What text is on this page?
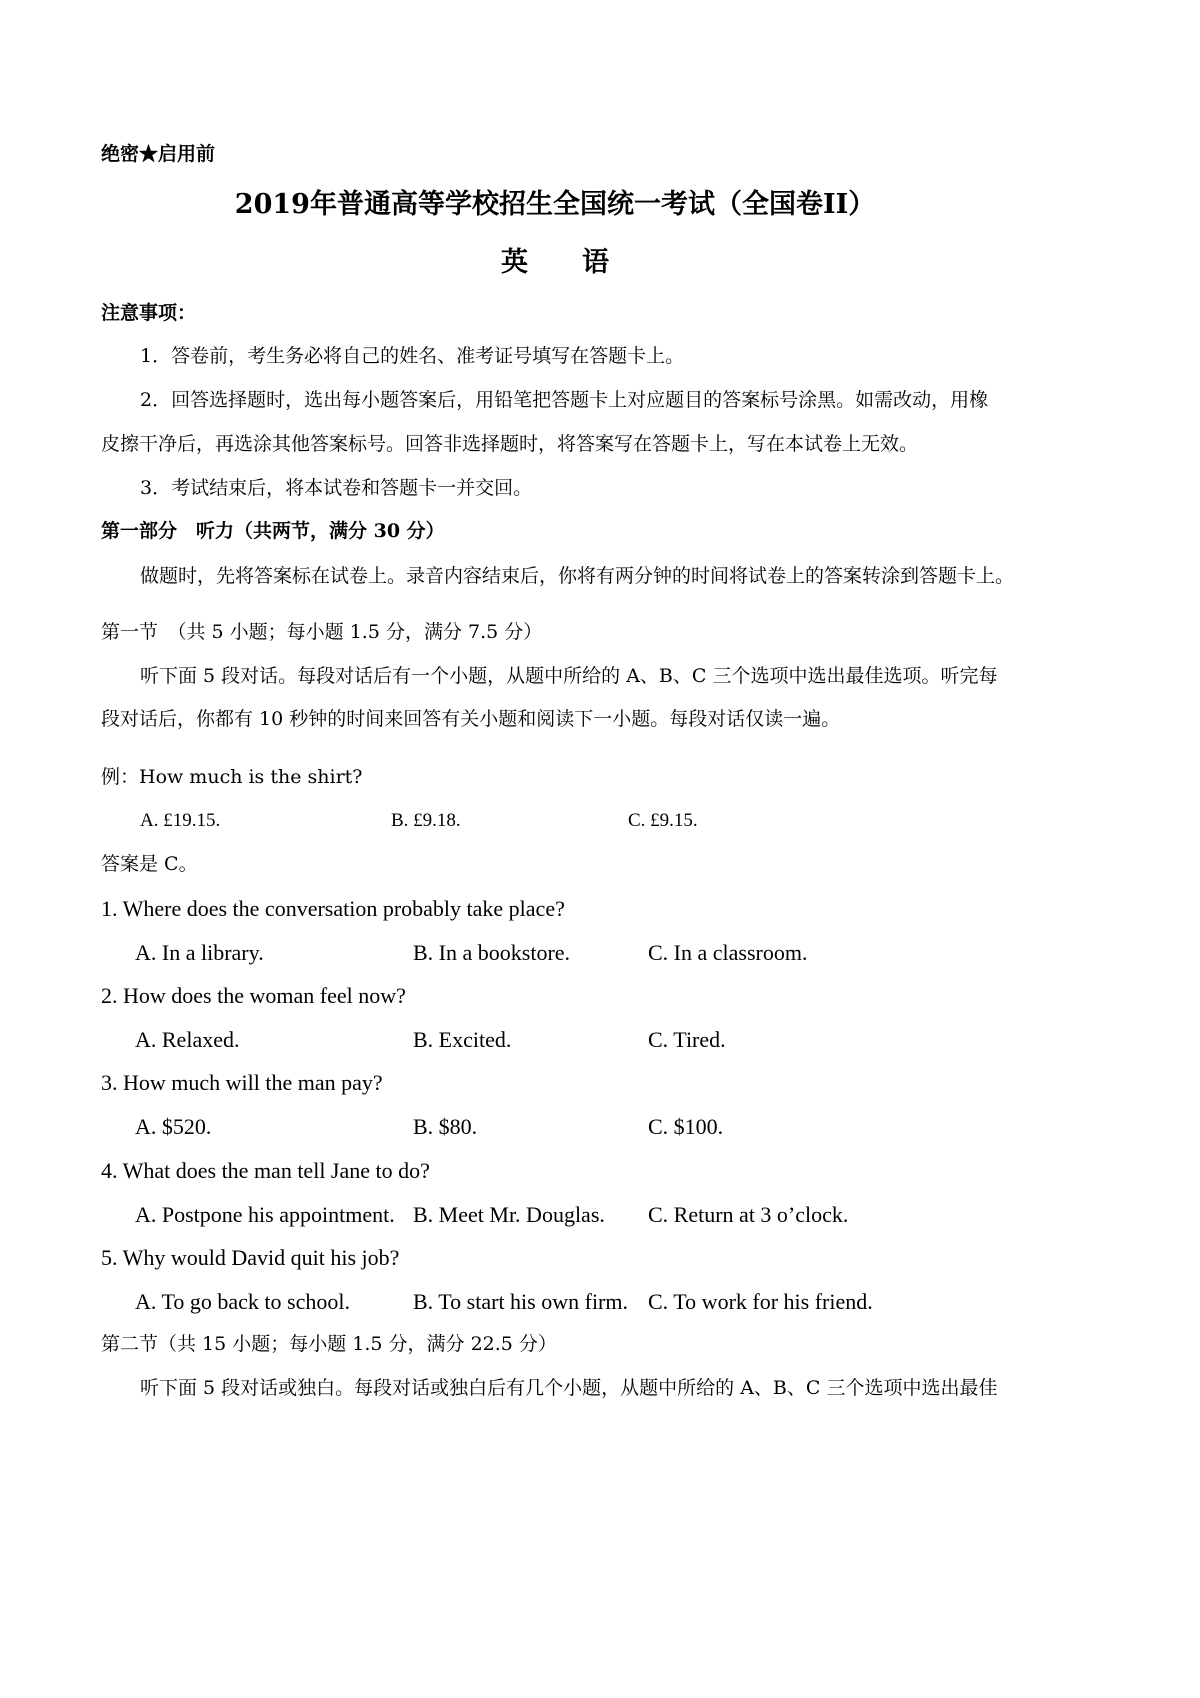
绝密★启用前
2019年普通高等学校招生全国统一考试（全国卷II）
英　　语
注意事项：
1．答卷前，考生务必将自己的姓名、准考证号填写在答题卡上。
2．回答选择题时，选出每小题答案后，用铅笔把答题卡上对应题目的答案标号涂黑。如需改动，用橡
皮擦干净后，再选涂其他答案标号。回答非选择题时，将答案写在答题卡上，写在本试卷上无效。
3．考试结束后，将本试卷和答题卡一并交回。
第一部分　听力（共两节，满分 30 分）
做题时，先将答案标在试卷上。录音内容结束后，你将有两分钟的时间将试卷上的答案转涂到答题卡上。
第一节　（共 5 小题；每小题 1.5 分，满分 7.5 分）
听下面 5 段对话。每段对话后有一个小题，从题中所给的 A、B、C 三个选项中选出最佳选项。听完每
段对话后，你都有 10 秒钟的时间来回答有关小题和阅读下一小题。每段对话仅读一遍。
例：How much is the shirt?
A. £19.15.	B. £9.18.	C. £9.15.
答案是 C。
1. Where does the conversation probably take place?
A. In a library.	B. In a bookstore.	C. In a classroom.
2. How does the woman feel now?
A. Relaxed.	B. Excited.	C. Tired.
3. How much will the man pay?
A. $520.	B. $80.	C. $100.
4. What does the man tell Jane to do?
A. Postpone his appointment. B. Meet Mr. Douglas. C. Return at 3 o’clock.
5. Why would David quit his job?
A. To go back to school.	B. To start his own firm. C. To work for his friend.
第二节（共 15 小题；每小题 1.5 分，满分 22.5 分）
听下面 5 段对话或独白。每段对话或独白后有几个小题，从题中所给的 A、B、C 三个选项中选出最佳
